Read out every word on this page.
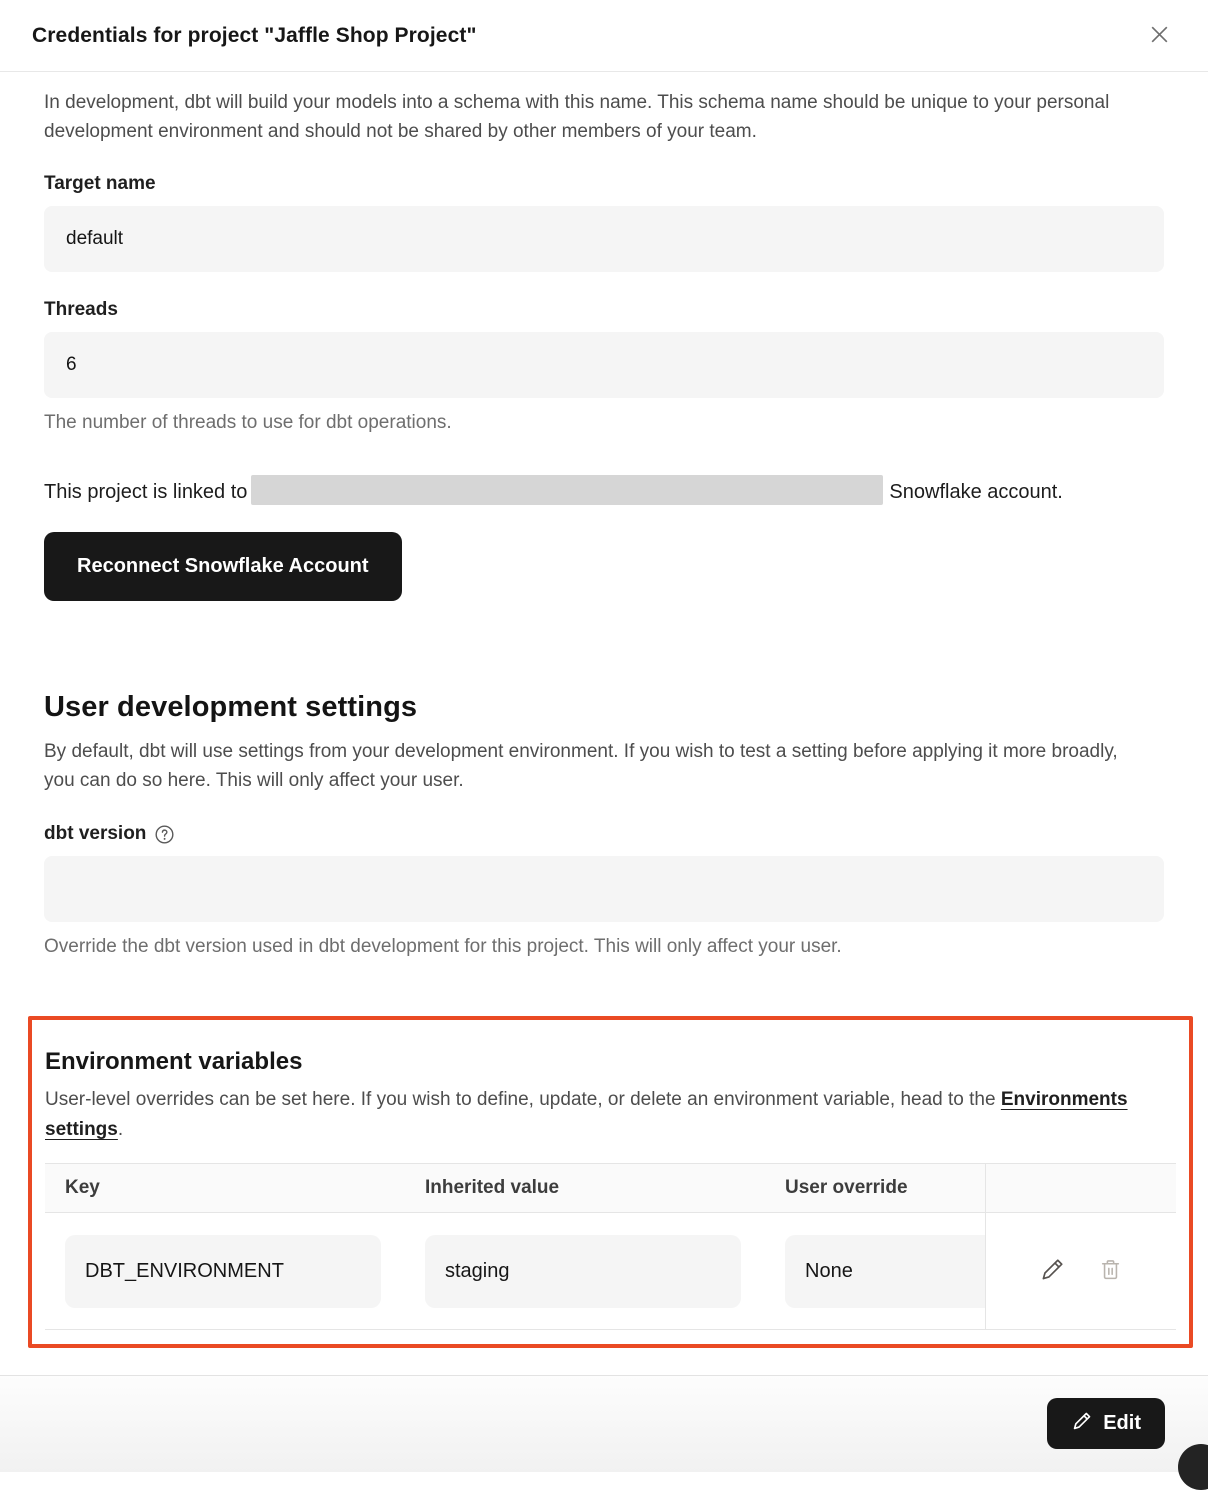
Credentials for project "Jaffle Shop Project"

In development, dbt will build your models into a schema with this name. This schema name should be unique to your personal development environment and should not be shared by other members of your team.

Target name
default
Threads
6
The number of threads to use for dbt operations.

This project is linked to	Snowflake account.

Reconnect Snowflake Account
User development settings

By default, dbt will use settings from your development environment. If you wish to test a setting before applying it more broadly, you can do so here. This will only affect your user.

dbt version
Override the dbt version used in dbt development for this project. This will only affect your user.
Environment variables

User-level overrides can be set here. If you wish to define, update, or delete an environment variable, head to the Environments settings.

Key	Inherited value	User override
DBT_ENVIRONMENT	staging	None
Edit
